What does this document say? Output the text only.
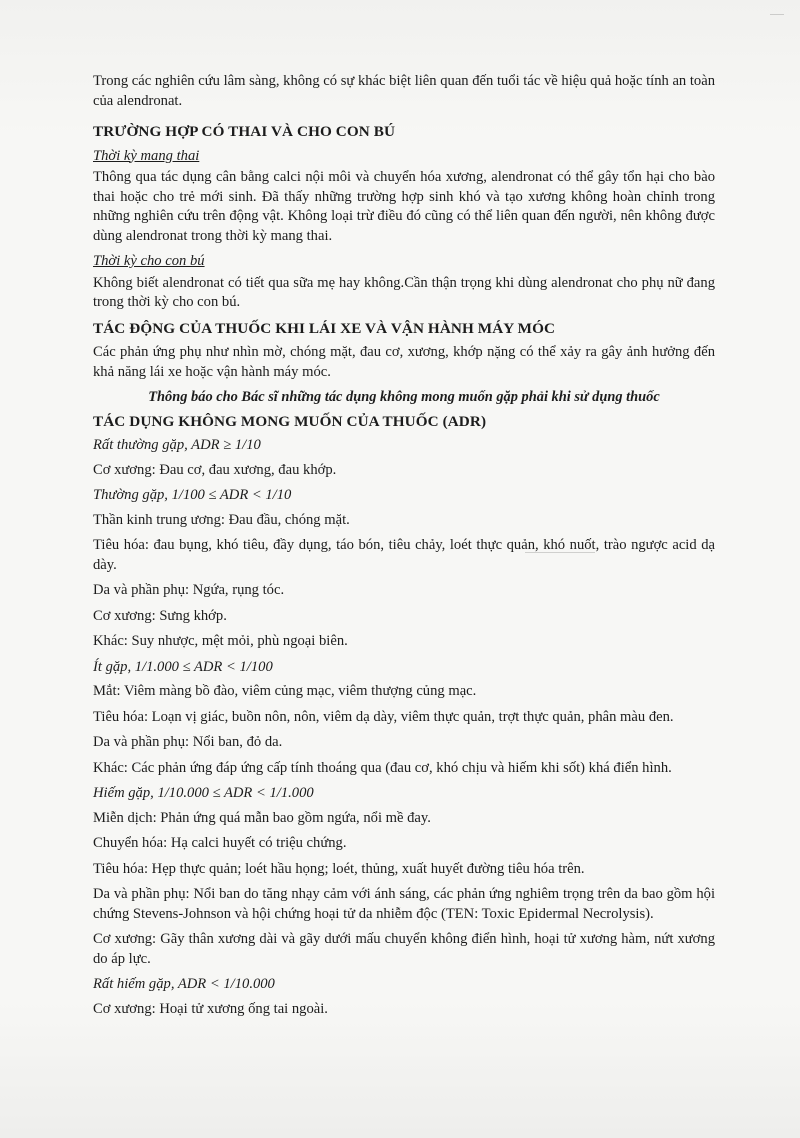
Trong các nghiên cứu lâm sàng, không có sự khác biệt liên quan đến tuổi tác về hiệu quả hoặc tính an toàn của alendronat.

TRƯỜNG HỢP CÓ THAI VÀ CHO CON BÚ
Thời kỳ mang thai

Thông qua tác dụng cân bằng calci nội môi và chuyển hóa xương, alendronat có thể gây tổn hại cho bào thai hoặc cho trẻ mới sinh. Đã thấy những trường hợp sinh khó và tạo xương không hoàn chỉnh trong những nghiên cứu trên động vật. Không loại trừ điều đó cũng có thể liên quan đến người, nên không được dùng alendronat trong thời kỳ mang thai.

Thời kỳ cho con bú

Không biết alendronat có tiết qua sữa mẹ hay không.Cần thận trọng khi dùng alendronat cho phụ nữ đang trong thời kỳ cho con bú.

TÁC ĐỘNG CỦA THUỐC KHI LÁI XE VÀ VẬN HÀNH MÁY MÓC

Các phản ứng phụ như nhìn mờ, chóng mặt, đau cơ, xương, khớp nặng có thể xảy ra gây ảnh hưởng đến khả năng lái xe hoặc vận hành máy móc.

Thông báo cho Bác sĩ những tác dụng không mong muốn gặp phải khi sử dụng thuốc
TÁC DỤNG KHÔNG MONG MUỐN CỦA THUỐC (ADR)
Rất thường gặp, ADR ≥ 1/10

Cơ xương: Đau cơ, đau xương, đau khớp.

Thường gặp, 1/100 ≤ ADR < 1/10

Thần kinh trung ương: Đau đầu, chóng mặt.

Tiêu hóa: đau bụng, khó tiêu, đầy dụng, táo bón, tiêu chảy, loét thực quản, khó nuốt, trào ngược acid dạ dày.

Da và phần phụ: Ngứa, rụng tóc.

Cơ xương: Sưng khớp.

Khác: Suy nhược, mệt mỏi, phù ngoại biên.

Ít gặp, 1/1.000 ≤ ADR < 1/100

Mắt: Viêm màng bồ đào, viêm củng mạc, viêm thượng củng mạc.

Tiêu hóa: Loạn vị giác, buồn nôn, nôn, viêm dạ dày, viêm thực quản, trợt thực quản, phân màu đen.

Da và phần phụ: Nổi ban, đỏ da.

Khác: Các phản ứng đáp ứng cấp tính thoáng qua (đau cơ, khó chịu và hiếm khi sốt) khá điển hình.

Hiếm gặp, 1/10.000 ≤ ADR < 1/1.000

Miễn dịch: Phản ứng quá mẫn bao gồm ngứa, nổi mề đay.

Chuyển hóa: Hạ calci huyết có triệu chứng.

Tiêu hóa: Hẹp thực quản; loét hầu họng; loét, thủng, xuất huyết đường tiêu hóa trên.

Da và phần phụ: Nổi ban do tăng nhạy cảm với ánh sáng, các phản ứng nghiêm trọng trên da bao gồm hội chứng Stevens-Johnson và hội chứng hoại tử da nhiễm độc (TEN: Toxic Epidermal Necrolysis).

Cơ xương: Gãy thân xương dài và gãy dưới mấu chuyển không điển hình, hoại tử xương hàm, nứt xương do áp lực.

Rất hiếm gặp, ADR < 1/10.000

Cơ xương: Hoại tử xương ống tai ngoài.
